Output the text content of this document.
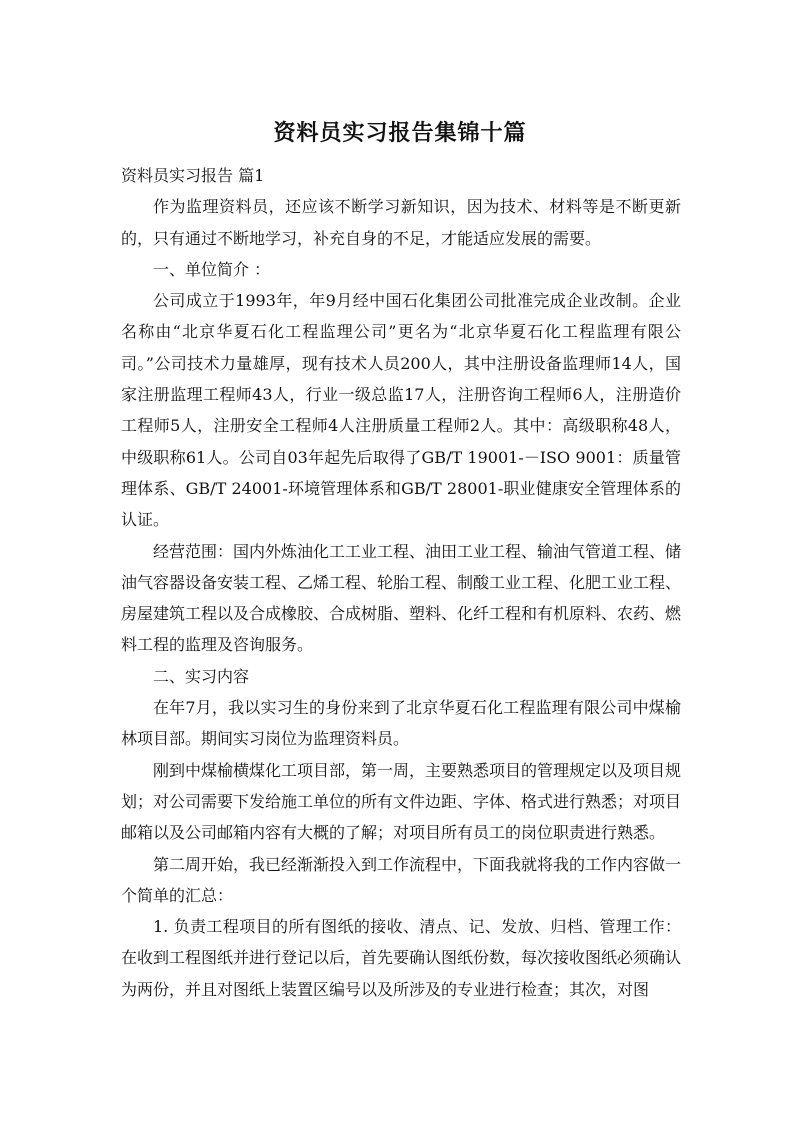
资料员实习报告集锦十篇

资料员实习报告 篇1

作为监理资料员，还应该不断学习新知识，因为技术、材料等是不断更新的，只有通过不断地学习，补充自身的不足，才能适应发展的需要。

一、单位简介 ：

公司成立于1993年，年9月经中国石化集团公司批准完成企业改制。企业名称由“北京华夏石化工程监理公司”更名为“北京华夏石化工程监理有限公司。”公司技术力量雄厚，现有技术人员200人，其中注册设备监理师14人，国家注册监理工程师43人，行业一级总监17人，注册咨询工程师6人，注册造价工程师5人，注册安全工程师4人注册质量工程师2人。其中：高级职称48人，中级职称61人。公司自03年起先后取得了GB/T 19001-－ISO 9001：质量管理体系、GB/T 24001-环境管理体系和GB/T 28001-职业健康安全管理体系的认证。

经营范围：国内外炼油化工工业工程、油田工业工程、输油气管道工程、储油气容器设备安装工程、乙烯工程、轮胎工程、制酸工业工程、化肥工业工程、房屋建筑工程以及合成橡胶、合成树脂、塑料、化纤工程和有机原料、农药、燃料工程的监理及咨询服务。

二、实习内容

在年7月，我以实习生的身份来到了北京华夏石化工程监理有限公司中煤榆林项目部。期间实习岗位为监理资料员。

刚到中煤榆横煤化工项目部，第一周，主要熟悉项目的管理规定以及项目规划；对公司需要下发给施工单位的所有文件边距、字体、格式进行熟悉；对项目邮箱以及公司邮箱内容有大概的了解；对项目所有员工的岗位职责进行熟悉。

第二周开始，我已经渐渐投入到工作流程中，下面我就将我的工作内容做一个简单的汇总：

1. 负责工程项目的所有图纸的接收、清点、记、发放、归档、管理工作：在收到工程图纸并进行登记以后，首先要确认图纸份数，每次接收图纸必须确认为两份，并且对图纸上装置区编号以及所涉及的专业进行检查；其次，对图
